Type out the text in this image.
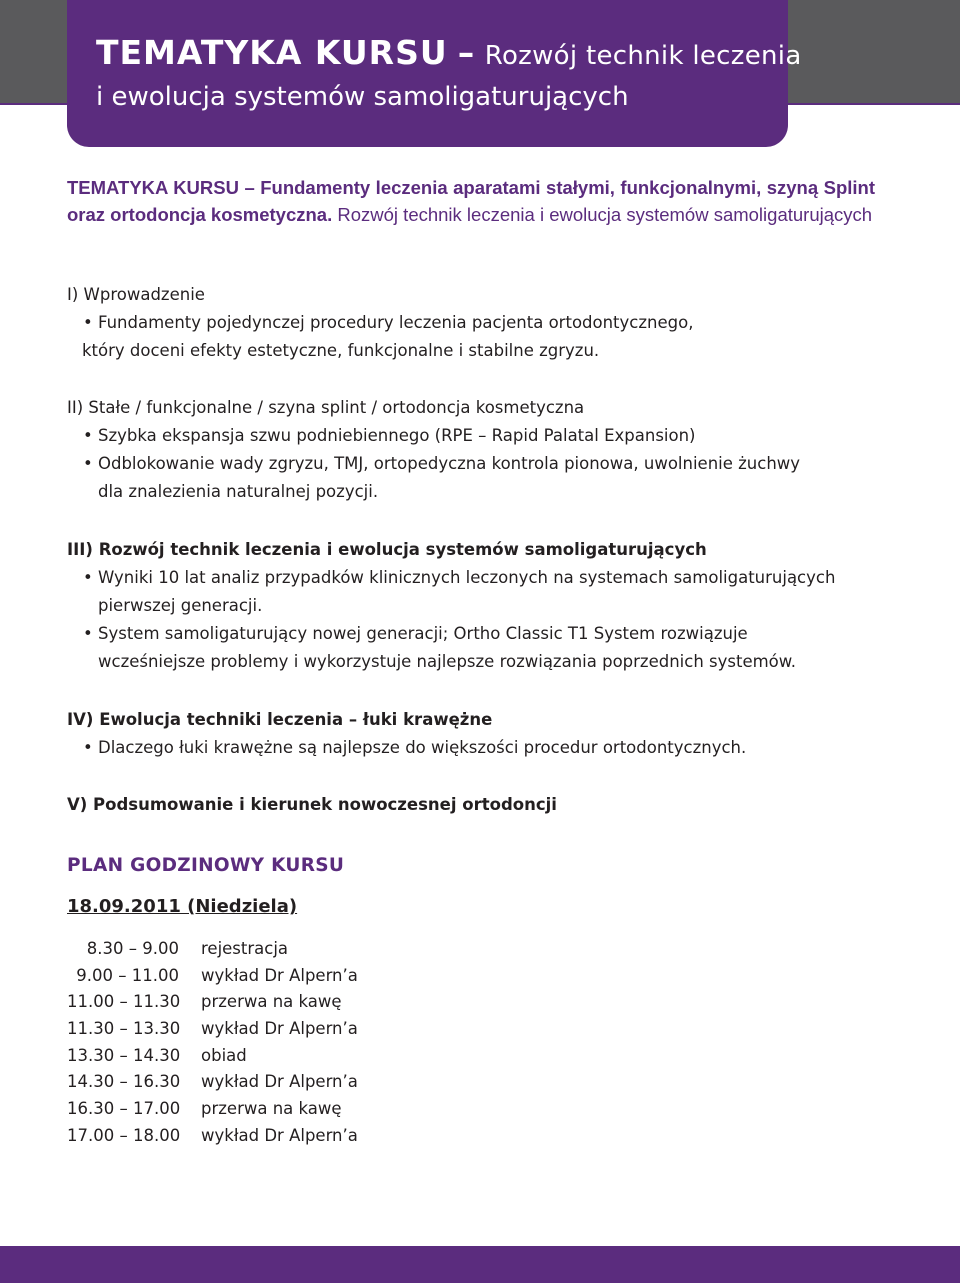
TEMATYKA KURSU – Rozwój technik leczenia
i ewolucja systemów samoligaturujących
TEMATYKA KURSU – Fundamenty leczenia aparatami stałymi, funkcjonalnymi, szyną Splint oraz ortodoncja kosmetyczna. Rozwój technik leczenia i ewolucja systemów samoligaturujących
I) Wprowadzenie
• Fundamenty pojedynczej procedury leczenia pacjenta ortodontycznego,
który doceni efekty estetyczne, funkcjonalne i stabilne zgryzu.
II) Stałe / funkcjonalne / szyna splint / ortodoncja kosmetyczna
• Szybka ekspansja szwu podniebiennego (RPE – Rapid Palatal Expansion)
• Odblokowanie wady zgryzu, TMJ, ortopedyczna kontrola pionowa, uwolnienie żuchwy
dla znalezienia naturalnej pozycji.
III) Rozwój technik leczenia i ewolucja systemów samoligaturujących
• Wyniki 10 lat analiz przypadków klinicznych leczonych na systemach samoligaturujących
pierwszej generacji.
• System samoligaturujący nowej generacji; Ortho Classic T1 System rozwiązuje
wcześniejsze problemy i wykorzystuje najlepsze rozwiązania poprzednich systemów.
IV) Ewolucja techniki leczenia – łuki krawężne
• Dlaczego łuki krawężne są najlepsze do większości procedur ortodontycznych.
V) Podsumowanie i kierunek nowoczesnej ortodoncji
PLAN GODZINOWY KURSU
18.09.2011 (Niedziela)
8.30 – 9.00 rejestracja
9.00 – 11.00 wykład Dr Alpern’a
11.00 – 11.30 przerwa na kawę
11.30 – 13.30 wykład Dr Alpern’a
13.30 – 14.30 obiad
14.30 – 16.30 wykład Dr Alpern’a
16.30 – 17.00 przerwa na kawę
17.00 – 18.00 wykład Dr Alpern’a
